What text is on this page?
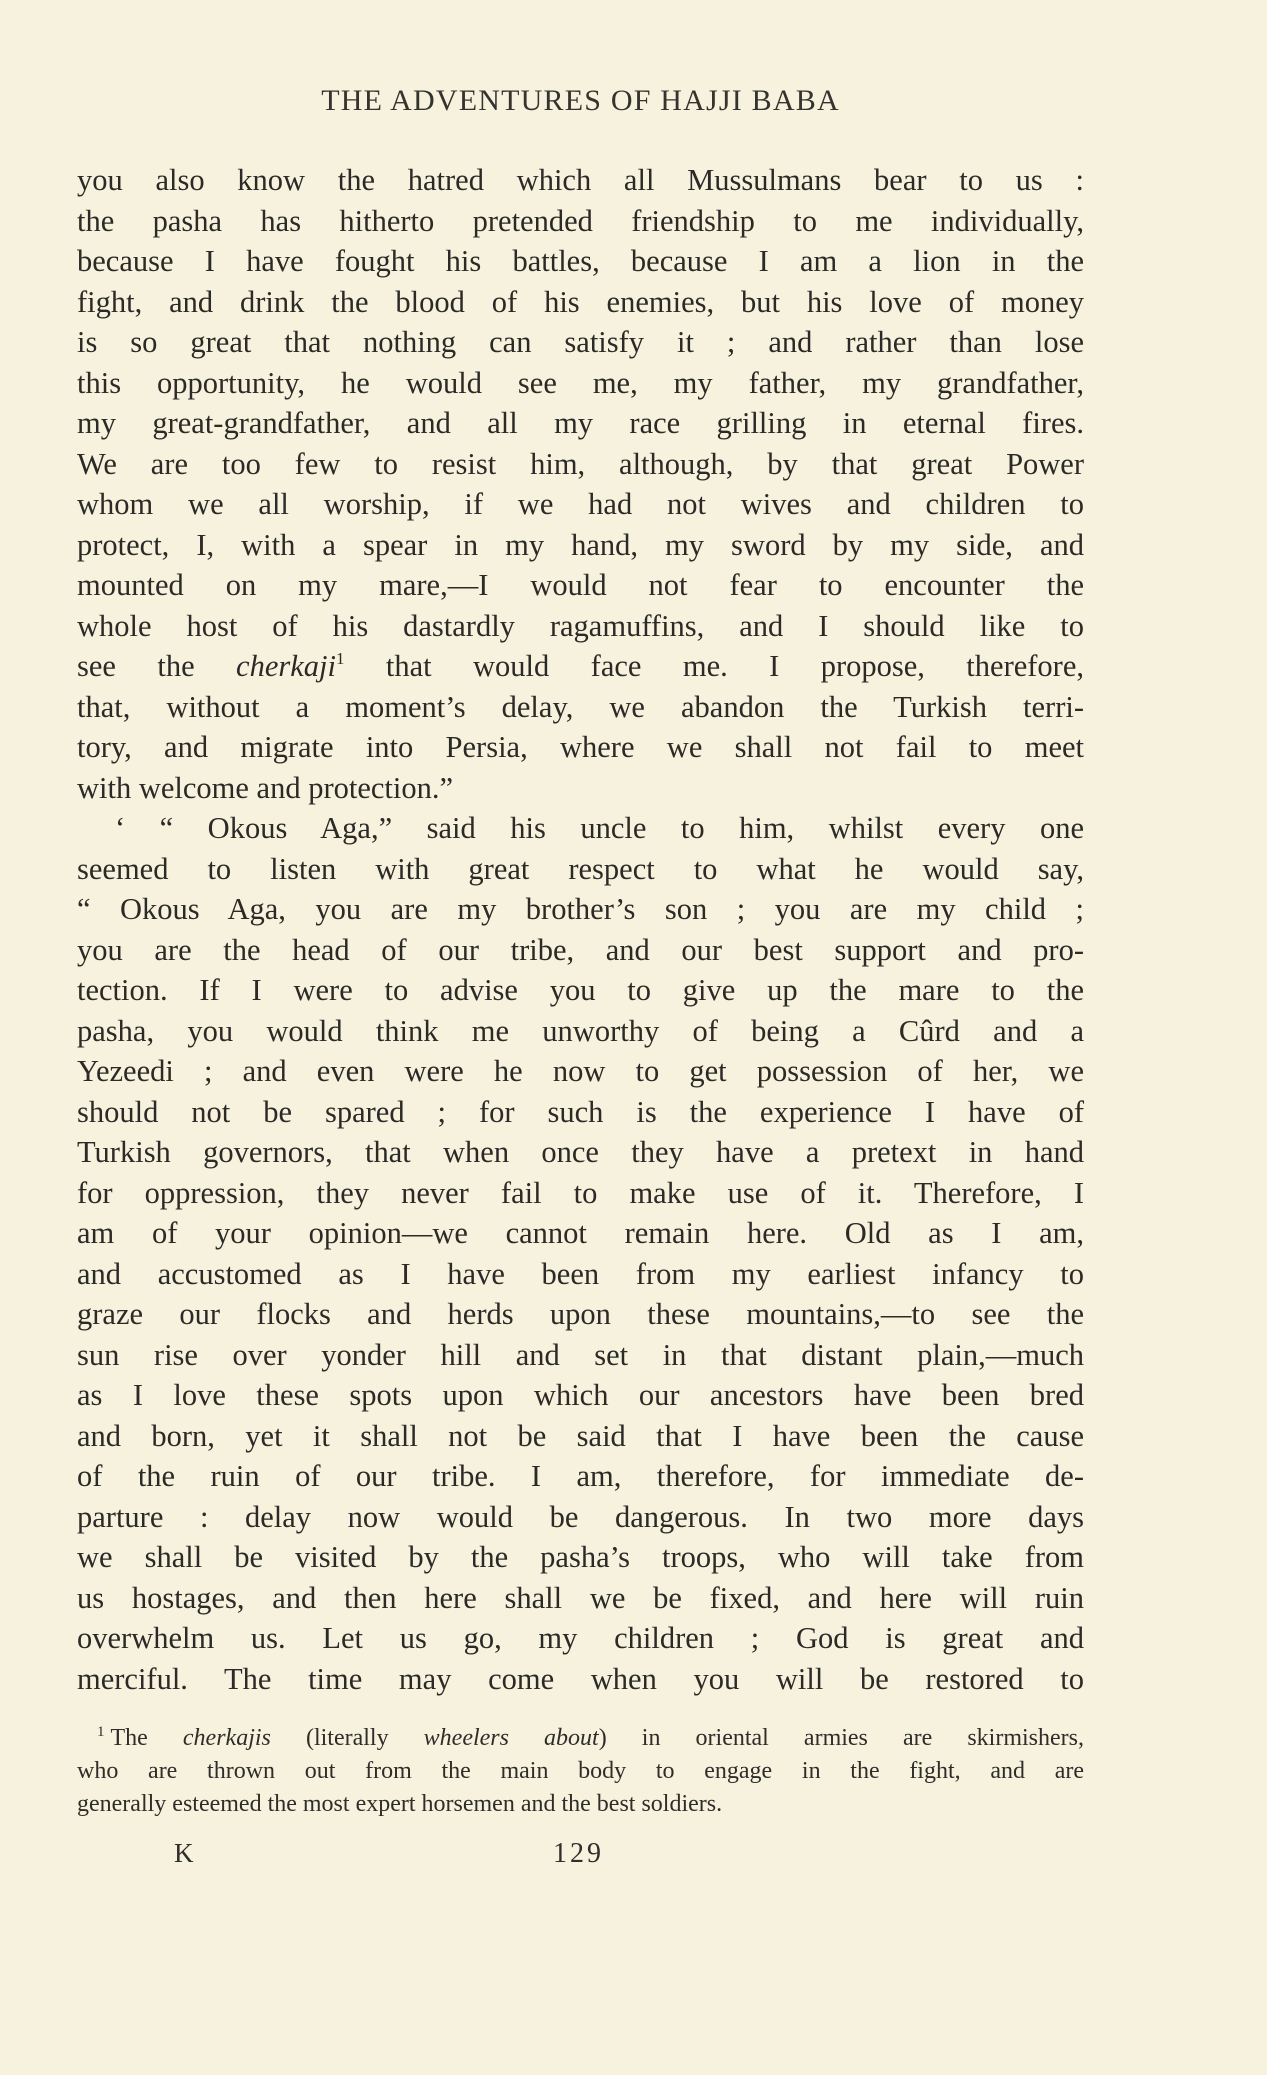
THE ADVENTURES OF HAJJI BABA
you also know the hatred which all Mussulmans bear to us :
the pasha has hitherto pretended friendship to me individually,
because I have fought his battles, because I am a lion in the
fight, and drink the blood of his enemies, but his love of money
is so great that nothing can satisfy it ; and rather than lose
this opportunity, he would see me, my father, my grandfather,
my great-grandfather, and all my race grilling in eternal fires.
We are too few to resist him, although, by that great Power
whom we all worship, if we had not wives and children to
protect, I, with a spear in my hand, my sword by my side, and
mounted on my mare,—I would not fear to encounter the
whole host of his dastardly ragamuffins, and I should like to
see the cherkaji$^1$ that would face me. I propose, therefore,
that, without a moment’s delay, we abandon the Turkish terri-
tory, and migrate into Persia, where we shall not fail to meet
with welcome and protection.”
‘ “ Okous Aga,” said his uncle to him, whilst every one
seemed to listen with great respect to what he would say,
“ Okous Aga, you are my brother’s son ; you are my child ;
you are the head of our tribe, and our best support and pro-
tection. If I were to advise you to give up the mare to the
pasha, you would think me unworthy of being a Cûrd and a
Yezeedi ; and even were he now to get possession of her, we
should not be spared ; for such is the experience I have of
Turkish governors, that when once they have a pretext in hand
for oppression, they never fail to make use of it. Therefore, I
am of your opinion—we cannot remain here. Old as I am,
and accustomed as I have been from my earliest infancy to
graze our flocks and herds upon these mountains,—to see the
sun rise over yonder hill and set in that distant plain,—much
as I love these spots upon which our ancestors have been bred
and born, yet it shall not be said that I have been the cause
of the ruin of our tribe. I am, therefore, for immediate de-
parture : delay now would be dangerous. In two more days
we shall be visited by the pasha’s troops, who will take from
us hostages, and then here shall we be fixed, and here will ruin
overwhelm us. Let us go, my children ; God is great and
merciful. The time may come when you will be restored to
$^1$ The cherkajis (literally wheelers about) in oriental armies are skirmishers,
who are thrown out from the main body to engage in the fight, and are
generally esteemed the most expert horsemen and the best soldiers.
K	129
